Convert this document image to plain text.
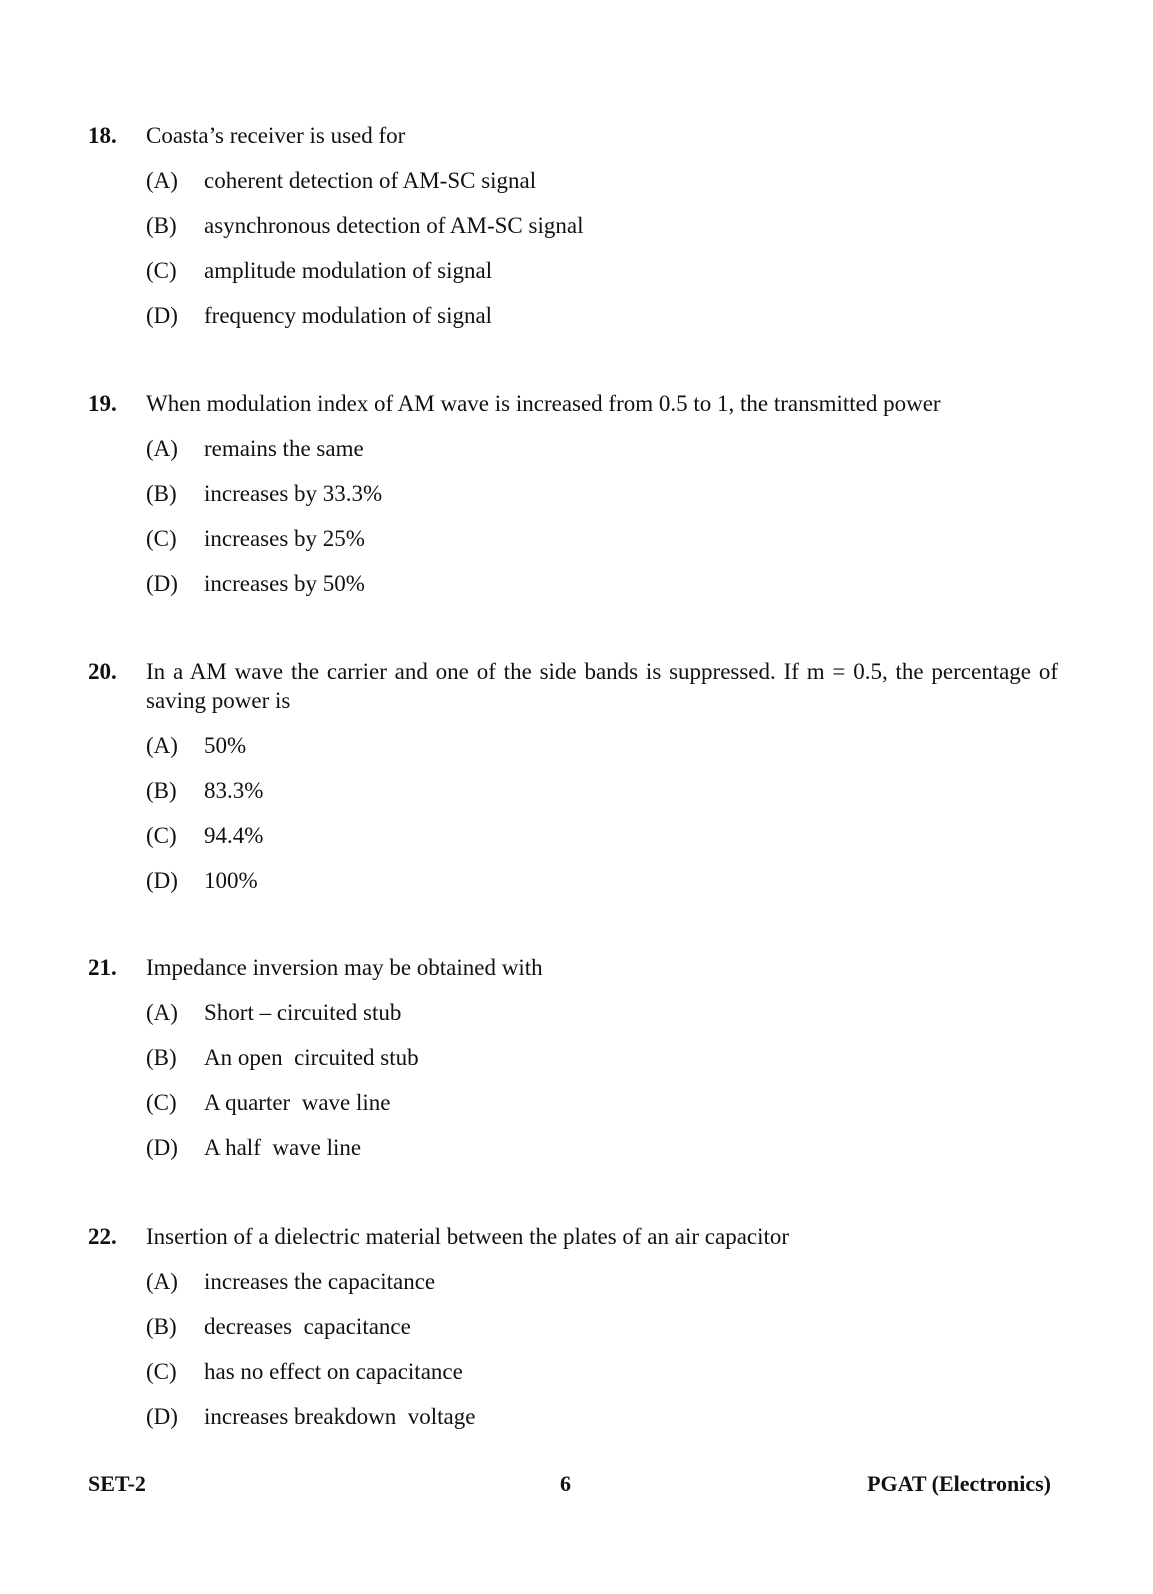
18.	Coasta’s receiver is used for
(A)	coherent detection of AM-SC signal
(B)	asynchronous detection of AM-SC signal
(C)	amplitude modulation of signal
(D)	frequency modulation of signal
19.	When modulation index of AM wave is increased from 0.5 to 1, the transmitted power
(A)	remains the same
(B)	increases by 33.3%
(C)	increases by 25%
(D)	increases by 50%
20.	In a AM wave the carrier and one of the side bands is suppressed. If m = 0.5, the percentage of saving power is
(A)	50%
(B)	83.3%
(C)	94.4%
(D)	100%
21.	Impedance inversion may be obtained with
(A)	Short – circuited stub
(B)	An open  circuited stub
(C)	A quarter  wave line
(D)	A half  wave line
22.	Insertion of a dielectric material between the plates of an air capacitor
(A)	increases the capacitance
(B)	decreases  capacitance
(C)	has no effect on capacitance
(D)	increases breakdown  voltage
SET-2	6	PGAT (Electronics)
